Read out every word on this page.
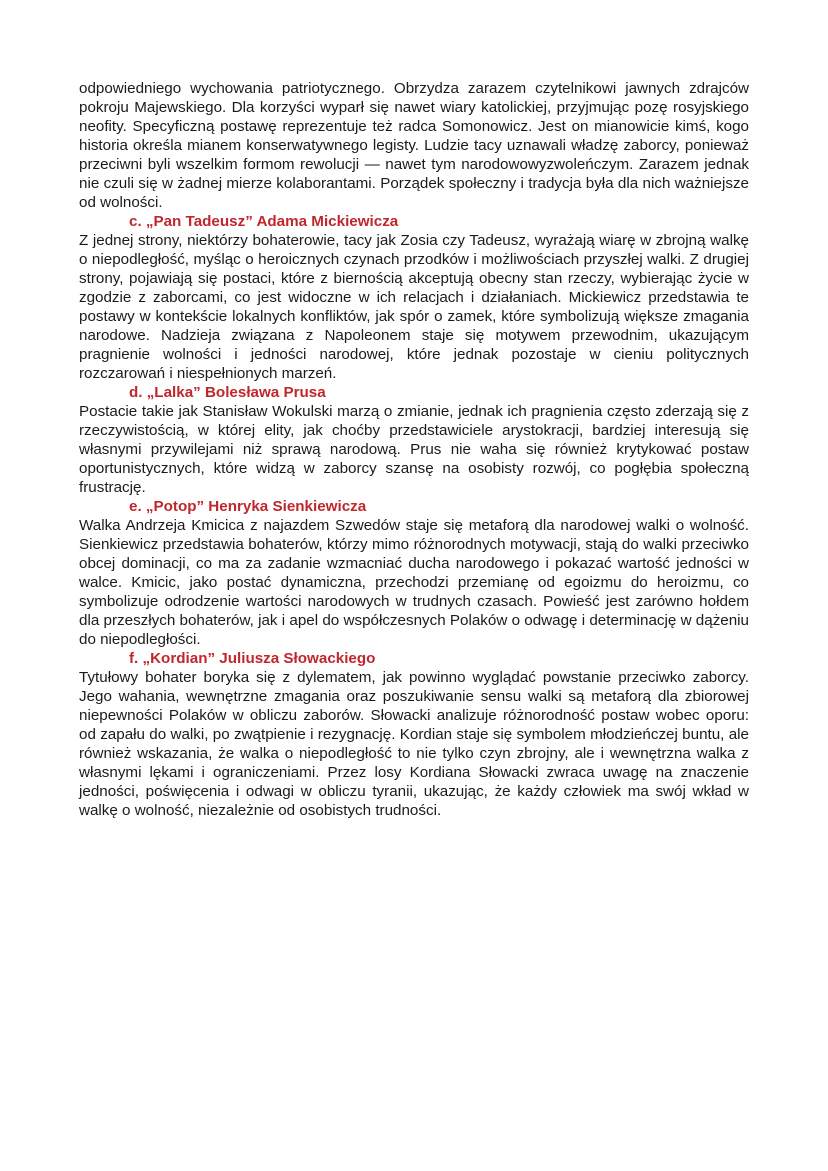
odpowiedniego wychowania patriotycznego. Obrzydza zarazem czytelnikowi jawnych zdrajców pokroju Majewskiego. Dla korzyści wyparł się nawet wiary katolickiej, przyjmując pozę rosyjskiego neofity. Specyficzną postawę reprezentuje też radca Somonowicz. Jest on mianowicie kimś, kogo historia określa mianem konserwatywnego legisty. Ludzie tacy uznawali władzę zaborcy, ponieważ przeciwni byli wszelkim formom rewolucji — nawet tym narodowowyzwoleńczym. Zarazem jednak nie czuli się w żadnej mierze kolaborantami. Porządek społeczny i tradycja była dla nich ważniejsze od wolności.

c. „Pan Tadeusz” Adama Mickiewicza

Z jednej strony, niektórzy bohaterowie, tacy jak Zosia czy Tadeusz, wyrażają wiarę w zbrojną walkę o niepodległość, myśląc o heroicznych czynach przodków i możliwościach przyszłej walki. Z drugiej strony, pojawiają się postaci, które z biernością akceptują obecny stan rzeczy, wybierając życie w zgodzie z zaborcami, co jest widoczne w ich relacjach i działaniach. Mickiewicz przedstawia te postawy w kontekście lokalnych konfliktów, jak spór o zamek, które symbolizują większe zmagania narodowe. Nadzieja związana z Napoleonem staje się motywem przewodnim, ukazującym pragnienie wolności i jedności narodowej, które jednak pozostaje w cieniu politycznych rozczarowań i niespełnionych marzeń.

d. „Lalka” Bolesława Prusa

Postacie takie jak Stanisław Wokulski marzą o zmianie, jednak ich pragnienia często zderzają się z rzeczywistością, w której elity, jak choćby przedstawiciele arystokracji, bardziej interesują się własnymi przywilejami niż sprawą narodową. Prus nie waha się również krytykować postaw oportunistycznych, które widzą w zaborcy szansę na osobisty rozwój, co pogłębia społeczną frustrację.

e. „Potop” Henryka Sienkiewicza

Walka Andrzeja Kmicica z najazdem Szwedów staje się metaforą dla narodowej walki o wolność. Sienkiewicz przedstawia bohaterów, którzy mimo różnorodnych motywacji, stają do walki przeciwko obcej dominacji, co ma za zadanie wzmacniać ducha narodowego i pokazać wartość jedności w walce. Kmicic, jako postać dynamiczna, przechodzi przemianę od egoizmu do heroizmu, co symbolizuje odrodzenie wartości narodowych w trudnych czasach. Powieść jest zarówno hołdem dla przeszłych bohaterów, jak i apel do współczesnych Polaków o odwagę i determinację w dążeniu do niepodległości.

f. „Kordian” Juliusza Słowackiego

Tytułowy bohater boryka się z dylematem, jak powinno wyglądać powstanie przeciwko zaborcy. Jego wahania, wewnętrzne zmagania oraz poszukiwanie sensu walki są metaforą dla zbiorowej niepewności Polaków w obliczu zaborów. Słowacki analizuje różnorodność postaw wobec oporu: od zapału do walki, po zwątpienie i rezygnację. Kordian staje się symbolem młodzieńczej buntu, ale również wskazania, że walka o niepodległość to nie tylko czyn zbrojny, ale i wewnętrzna walka z własnymi lękami i ograniczeniami. Przez losy Kordiana Słowacki zwraca uwagę na znaczenie jedności, poświęcenia i odwagi w obliczu tyranii, ukazując, że każdy człowiek ma swój wkład w walkę o wolność, niezależnie od osobistych trudności.
